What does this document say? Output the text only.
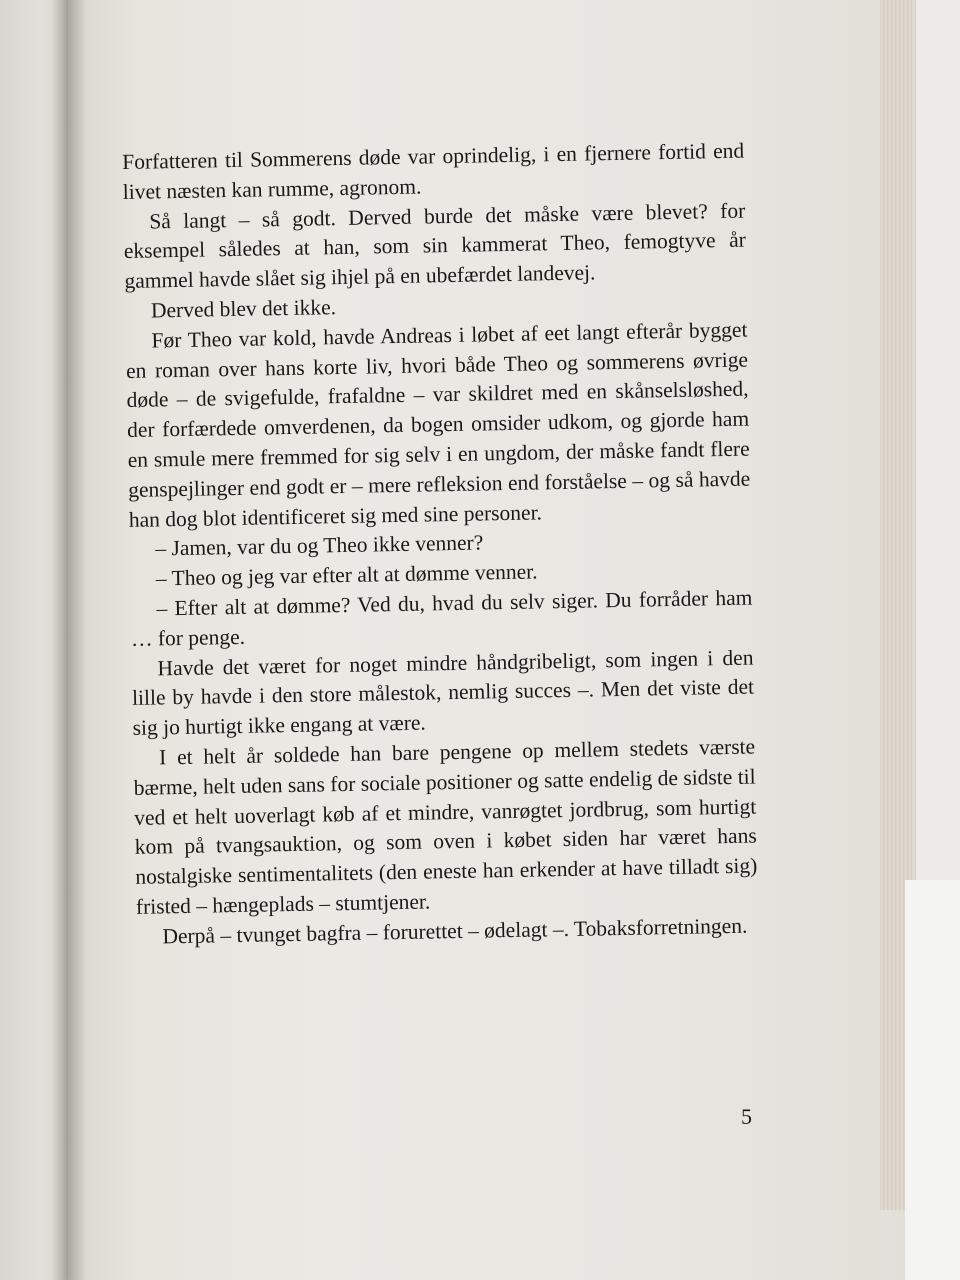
Forfatteren til Sommerens døde var oprindelig, i en fjernere fortid end livet næsten kan rumme, agronom.

Så langt – så godt. Derved burde det måske være blevet? for eksempel således at han, som sin kammerat Theo, femogtyve år gammel havde slået sig ihjel på en ubefærdet landevej.

Derved blev det ikke.

Før Theo var kold, havde Andreas i løbet af eet langt efterår bygget en roman over hans korte liv, hvori både Theo og sommerens øvrige døde – de svigefulde, frafaldne – var skildret med en skånselsløshed, der forfærdede omverdenen, da bogen omsider udkom, og gjorde ham en smule mere fremmed for sig selv i en ungdom, der måske fandt flere genspejlinger end godt er – mere refleksion end forståelse – og så havde han dog blot identificeret sig med sine personer.

– Jamen, var du og Theo ikke venner?

– Theo og jeg var efter alt at dømme venner.

– Efter alt at dømme? Ved du, hvad du selv siger. Du forråder ham … for penge.

Havde det været for noget mindre håndgribeligt, som ingen i den lille by havde i den store målestok, nemlig succes –. Men det viste det sig jo hurtigt ikke engang at være.

I et helt år soldede han bare pengene op mellem stedets værste bærme, helt uden sans for sociale positioner og satte endelig de sidste til ved et helt uoverlagt køb af et mindre, vanrøgtet jordbrug, som hurtigt kom på tvangsauktion, og som oven i købet siden har været hans nostalgiske sentimentalitets (den eneste han erkender at have tilladt sig) fristed – hængeplads – stumtjener.

Derpå – tvunget bagfra – forurettet – ødelagt –. Tobaksforretningen.

5
